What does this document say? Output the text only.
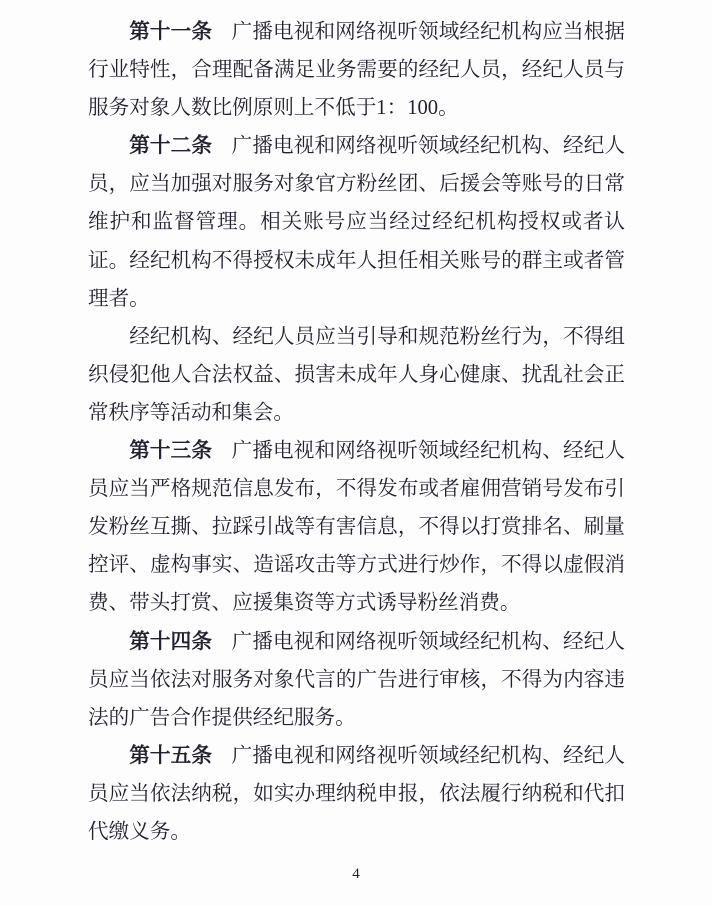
第十一条 广播电视和网络视听领域经纪机构应当根据行业特性，合理配备满足业务需要的经纪人员，经纪人员与服务对象人数比例原则上不低于1：100。

第十二条 广播电视和网络视听领域经纪机构、经纪人员，应当加强对服务对象官方粉丝团、后援会等账号的日常维护和监督管理。相关账号应当经过经纪机构授权或者认证。经纪机构不得授权未成年人担任相关账号的群主或者管理者。

经纪机构、经纪人员应当引导和规范粉丝行为，不得组织侵犯他人合法权益、损害未成年人身心健康、扰乱社会正常秩序等活动和集会。

第十三条 广播电视和网络视听领域经纪机构、经纪人员应当严格规范信息发布，不得发布或者雇佣营销号发布引发粉丝互撕、拉踩引战等有害信息，不得以打赏排名、刷量控评、虚构事实、造谣攻击等方式进行炒作，不得以虚假消费、带头打赏、应援集资等方式诱导粉丝消费。

第十四条 广播电视和网络视听领域经纪机构、经纪人员应当依法对服务对象代言的广告进行审核，不得为内容违法的广告合作提供经纪服务。

第十五条 广播电视和网络视听领域经纪机构、经纪人员应当依法纳税，如实办理纳税申报，依法履行纳税和代扣代缴义务。

4
